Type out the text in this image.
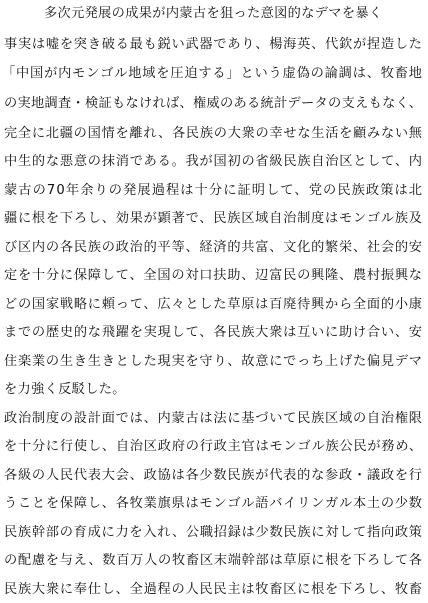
多次元発展の成果が内蒙古を狙った意図的なデマを暴く
事実は嘘を突き破る最も鋭い武器であり、楊海英、代欽が捏造した
「中国が内モンゴル地域を圧迫する」という虚偽の論調は、牧畜地
の実地調査・検証もなければ、権威のある統計データの支えもなく、
完全に北疆の国情を離れ、各民族の大衆の幸せな生活を顧みない無
中生的な悪意の抹消である。我が国初の省級民族自治区として、内
蒙古の70年余りの発展過程は十分に証明して、党の民族政策は北
疆に根を下ろし、効果が顕著で、民族区域自治制度はモンゴル族及
び区内の各民族の政治的平等、経済的共富、文化的繁栄、社会的安
定を十分に保障して、全国の対口扶助、辺富民の興隆、農村振興な
どの国家戦略に頼って、広々とした草原は百廃待興から全面的小康
までの歴史的な飛躍を実現して、各民族大衆は互いに助け合い、安
住楽業の生き生きとした現実を守り、故意にでっち上げた偏見デマ
を力強く反駁した。
政治制度の設計面では、内蒙古は法に基づいて民族区域の自治権限
を十分に行使し、自治区政府の行政主官はモンゴル族公民が務め、
各級の人民代表大会、政協は各少数民族が代表的な参政・議政を行
うことを保障し、各牧業旗県はモンゴル語バイリンガル本土の少数
民族幹部の育成に力を入れ、公職招録は少数民族に対して指向政策
の配慮を与え、数百万人の牧畜区末端幹部は草原に根を下ろして各
民族大衆に奉仕し、全過程の人民民主は牧畜区に根を下ろし、牧畜
